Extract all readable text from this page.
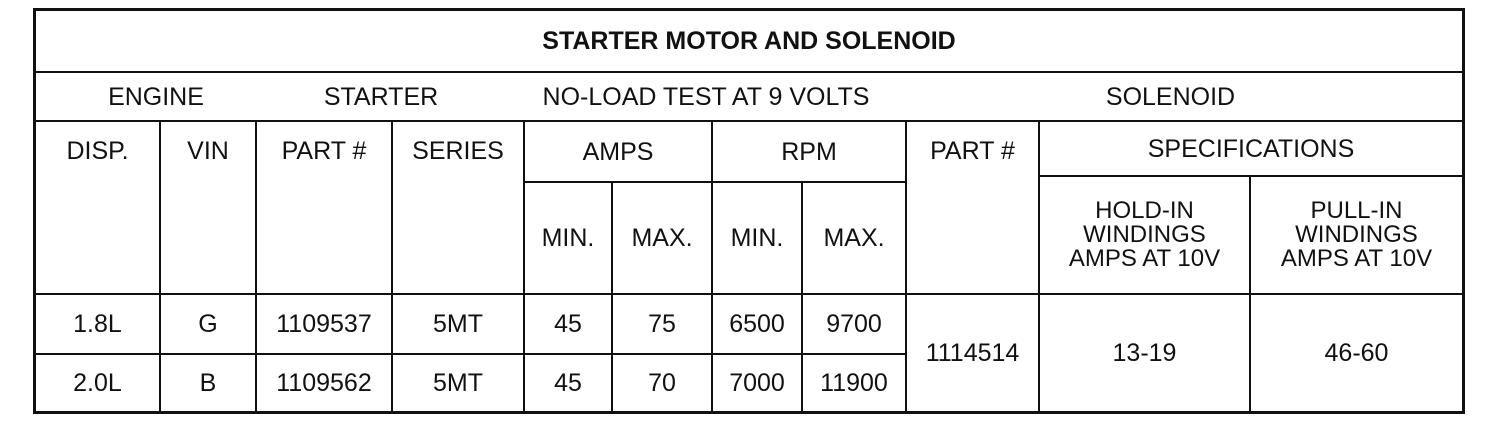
STARTER MOTOR AND SOLENOID
ENGINE	STARTER	NO-LOAD TEST AT 9 VOLTS	SOLENOID
DISP.	VIN	PART #	SERIES	AMPS	RPM	PART #	SPECIFICATIONS
MIN.	MAX.	MIN.	MAX.
HOLD-IN
WINDINGS
AMPS AT 10V
PULL-IN
WINDINGS
AMPS AT 10V
1.8L	G	1109537	5MT	45	75	6500	9700
2.0L	B	1109562	5MT	45	70	7000	11900
1114514	13-19	46-60
